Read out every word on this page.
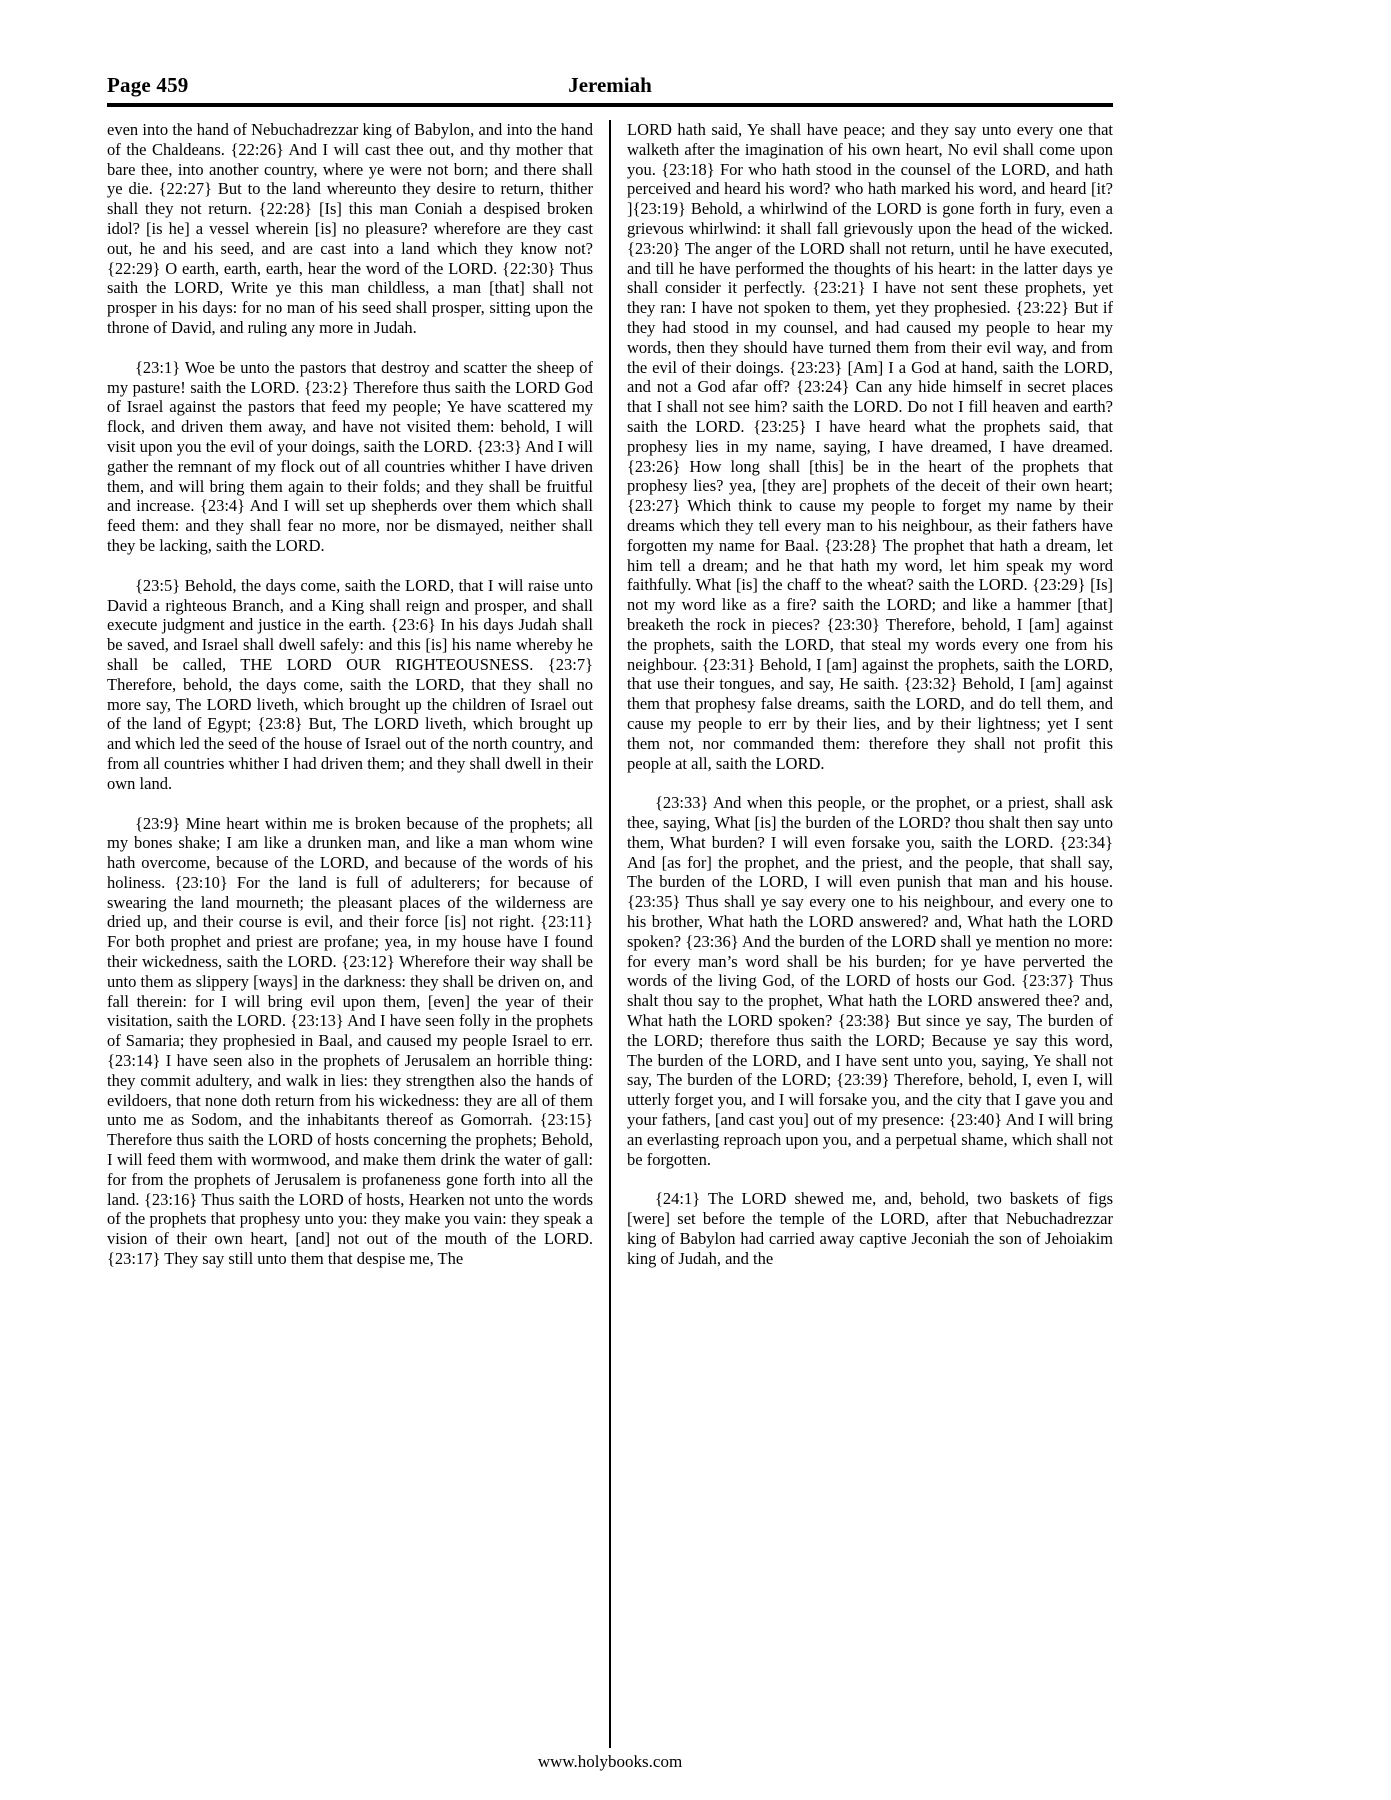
Page 459	Jeremiah

even into the hand of Nebuchadrezzar king of Babylon, and into the hand of the Chaldeans. {22:26} And I will cast thee out, and thy mother that bare thee, into another country, where ye were not born; and there shall ye die. {22:27} But to the land whereunto they desire to return, thither shall they not return. {22:28} [Is] this man Coniah a despised broken idol? [is he] a vessel wherein [is] no pleasure? wherefore are they cast out, he and his seed, and are cast into a land which they know not? {22:29} O earth, earth, earth, hear the word of the LORD. {22:30} Thus saith the LORD, Write ye this man childless, a man [that] shall not prosper in his days: for no man of his seed shall prosper, sitting upon the throne of David, and ruling any more in Judah.

{23:1} Woe be unto the pastors that destroy and scatter the sheep of my pasture! saith the LORD. {23:2} Therefore thus saith the LORD God of Israel against the pastors that feed my people; Ye have scattered my flock, and driven them away, and have not visited them: behold, I will visit upon you the evil of your doings, saith the LORD. {23:3} And I will gather the remnant of my flock out of all countries whither I have driven them, and will bring them again to their folds; and they shall be fruitful and increase. {23:4} And I will set up shepherds over them which shall feed them: and they shall fear no more, nor be dismayed, neither shall they be lacking, saith the LORD.

{23:5} Behold, the days come, saith the LORD, that I will raise unto David a righteous Branch, and a King shall reign and prosper, and shall execute judgment and justice in the earth. {23:6} In his days Judah shall be saved, and Israel shall dwell safely: and this [is] his name whereby he shall be called, THE LORD OUR RIGHTEOUSNESS. {23:7} Therefore, behold, the days come, saith the LORD, that they shall no more say, The LORD liveth, which brought up the children of Israel out of the land of Egypt; {23:8} But, The LORD liveth, which brought up and which led the seed of the house of Israel out of the north country, and from all countries whither I had driven them; and they shall dwell in their own land.

{23:9} Mine heart within me is broken because of the prophets; all my bones shake; I am like a drunken man, and like a man whom wine hath overcome, because of the LORD, and because of the words of his holiness. {23:10} For the land is full of adulterers; for because of swearing the land mourneth; the pleasant places of the wilderness are dried up, and their course is evil, and their force [is] not right. {23:11} For both prophet and priest are profane; yea, in my house have I found their wickedness, saith the LORD. {23:12} Wherefore their way shall be unto them as slippery [ways] in the darkness: they shall be driven on, and fall therein: for I will bring evil upon them, [even] the year of their visitation, saith the LORD. {23:13} And I have seen folly in the prophets of Samaria; they prophesied in Baal, and caused my people Israel to err. {23:14} I have seen also in the prophets of Jerusalem an horrible thing: they commit adultery, and walk in lies: they strengthen also the hands of evildoers, that none doth return from his wickedness: they are all of them unto me as Sodom, and the inhabitants thereof as Gomorrah. {23:15} Therefore thus saith the LORD of hosts concerning the prophets; Behold, I will feed them with wormwood, and make them drink the water of gall: for from the prophets of Jerusalem is profaneness gone forth into all the land. {23:16} Thus saith the LORD of hosts, Hearken not unto the words of the prophets that prophesy unto you: they make you vain: they speak a vision of their own heart, [and] not out of the mouth of the LORD. {23:17} They say still unto them that despise me, The

LORD hath said, Ye shall have peace; and they say unto every one that walketh after the imagination of his own heart, No evil shall come upon you. {23:18} For who hath stood in the counsel of the LORD, and hath perceived and heard his word? who hath marked his word, and heard [it? ]{23:19} Behold, a whirlwind of the LORD is gone forth in fury, even a grievous whirlwind: it shall fall grievously upon the head of the wicked. {23:20} The anger of the LORD shall not return, until he have executed, and till he have performed the thoughts of his heart: in the latter days ye shall consider it perfectly. {23:21} I have not sent these prophets, yet they ran: I have not spoken to them, yet they prophesied. {23:22} But if they had stood in my counsel, and had caused my people to hear my words, then they should have turned them from their evil way, and from the evil of their doings. {23:23} [Am] I a God at hand, saith the LORD, and not a God afar off? {23:24} Can any hide himself in secret places that I shall not see him? saith the LORD. Do not I fill heaven and earth? saith the LORD. {23:25} I have heard what the prophets said, that prophesy lies in my name, saying, I have dreamed, I have dreamed. {23:26} How long shall [this] be in the heart of the prophets that prophesy lies? yea, [they are] prophets of the deceit of their own heart; {23:27} Which think to cause my people to forget my name by their dreams which they tell every man to his neighbour, as their fathers have forgotten my name for Baal. {23:28} The prophet that hath a dream, let him tell a dream; and he that hath my word, let him speak my word faithfully. What [is] the chaff to the wheat? saith the LORD. {23:29} [Is] not my word like as a fire? saith the LORD; and like a hammer [that] breaketh the rock in pieces? {23:30} Therefore, behold, I [am] against the prophets, saith the LORD, that steal my words every one from his neighbour. {23:31} Behold, I [am] against the prophets, saith the LORD, that use their tongues, and say, He saith. {23:32} Behold, I [am] against them that prophesy false dreams, saith the LORD, and do tell them, and cause my people to err by their lies, and by their lightness; yet I sent them not, nor commanded them: therefore they shall not profit this people at all, saith the LORD.

{23:33} And when this people, or the prophet, or a priest, shall ask thee, saying, What [is] the burden of the LORD? thou shalt then say unto them, What burden? I will even forsake you, saith the LORD. {23:34} And [as for] the prophet, and the priest, and the people, that shall say, The burden of the LORD, I will even punish that man and his house. {23:35} Thus shall ye say every one to his neighbour, and every one to his brother, What hath the LORD answered? and, What hath the LORD spoken? {23:36} And the burden of the LORD shall ye mention no more: for every man’s word shall be his burden; for ye have perverted the words of the living God, of the LORD of hosts our God. {23:37} Thus shalt thou say to the prophet, What hath the LORD answered thee? and, What hath the LORD spoken? {23:38} But since ye say, The burden of the LORD; therefore thus saith the LORD; Because ye say this word, The burden of the LORD, and I have sent unto you, saying, Ye shall not say, The burden of the LORD; {23:39} Therefore, behold, I, even I, will utterly forget you, and I will forsake you, and the city that I gave you and your fathers, [and cast you] out of my presence: {23:40} And I will bring an everlasting reproach upon you, and a perpetual shame, which shall not be forgotten.

{24:1} The LORD shewed me, and, behold, two baskets of figs [were] set before the temple of the LORD, after that Nebuchadrezzar king of Babylon had carried away captive Jeconiah the son of Jehoiakim king of Judah, and the

www.holybooks.com
